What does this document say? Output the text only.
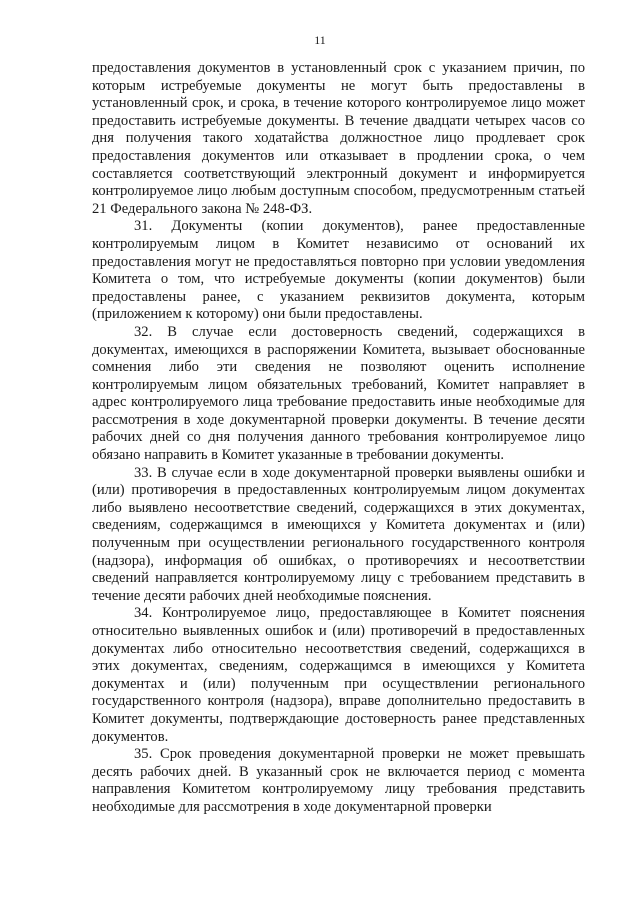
11

предоставления документов в установленный срок с указанием причин, по которым истребуемые документы не могут быть предоставлены в установленный срок, и срока, в течение которого контролируемое лицо может предоставить истребуемые документы. В течение двадцати четырех часов со дня получения такого ходатайства должностное лицо продлевает срок предоставления документов или отказывает в продлении срока, о чем составляется соответствующий электронный документ и информируется контролируемое лицо любым доступным способом, предусмотренным статьей 21 Федерального закона № 248-ФЗ.

31. Документы (копии документов), ранее предоставленные контролируемым лицом в Комитет независимо от оснований их предоставления могут не предоставляться повторно при условии уведомления Комитета о том, что истребуемые документы (копии документов) были предоставлены ранее, с указанием реквизитов документа, которым (приложением к которому) они были предоставлены.

32. В случае если достоверность сведений, содержащихся в документах, имеющихся в распоряжении Комитета, вызывает обоснованные сомнения либо эти сведения не позволяют оценить исполнение контролируемым лицом обязательных требований, Комитет направляет в адрес контролируемого лица требование предоставить иные необходимые для рассмотрения в ходе документарной проверки документы. В течение десяти рабочих дней со дня получения данного требования контролируемое лицо обязано направить в Комитет указанные в требовании документы.

33. В случае если в ходе документарной проверки выявлены ошибки и (или) противоречия в предоставленных контролируемым лицом документах либо выявлено несоответствие сведений, содержащихся в этих документах, сведениям, содержащимся в имеющихся у Комитета документах и (или) полученным при осуществлении регионального государственного контроля (надзора), информация об ошибках, о противоречиях и несоответствии сведений направляется контролируемому лицу с требованием представить в течение десяти рабочих дней необходимые пояснения.

34. Контролируемое лицо, предоставляющее в Комитет пояснения относительно выявленных ошибок и (или) противоречий в предоставленных документах либо относительно несоответствия сведений, содержащихся в этих документах, сведениям, содержащимся в имеющихся у Комитета документах и (или) полученным при осуществлении регионального государственного контроля (надзора), вправе дополнительно предоставить в Комитет документы, подтверждающие достоверность ранее представленных документов.

35. Срок проведения документарной проверки не может превышать десять рабочих дней. В указанный срок не включается период с момента направления Комитетом контролируемому лицу требования представить необходимые для рассмотрения в ходе документарной проверки
